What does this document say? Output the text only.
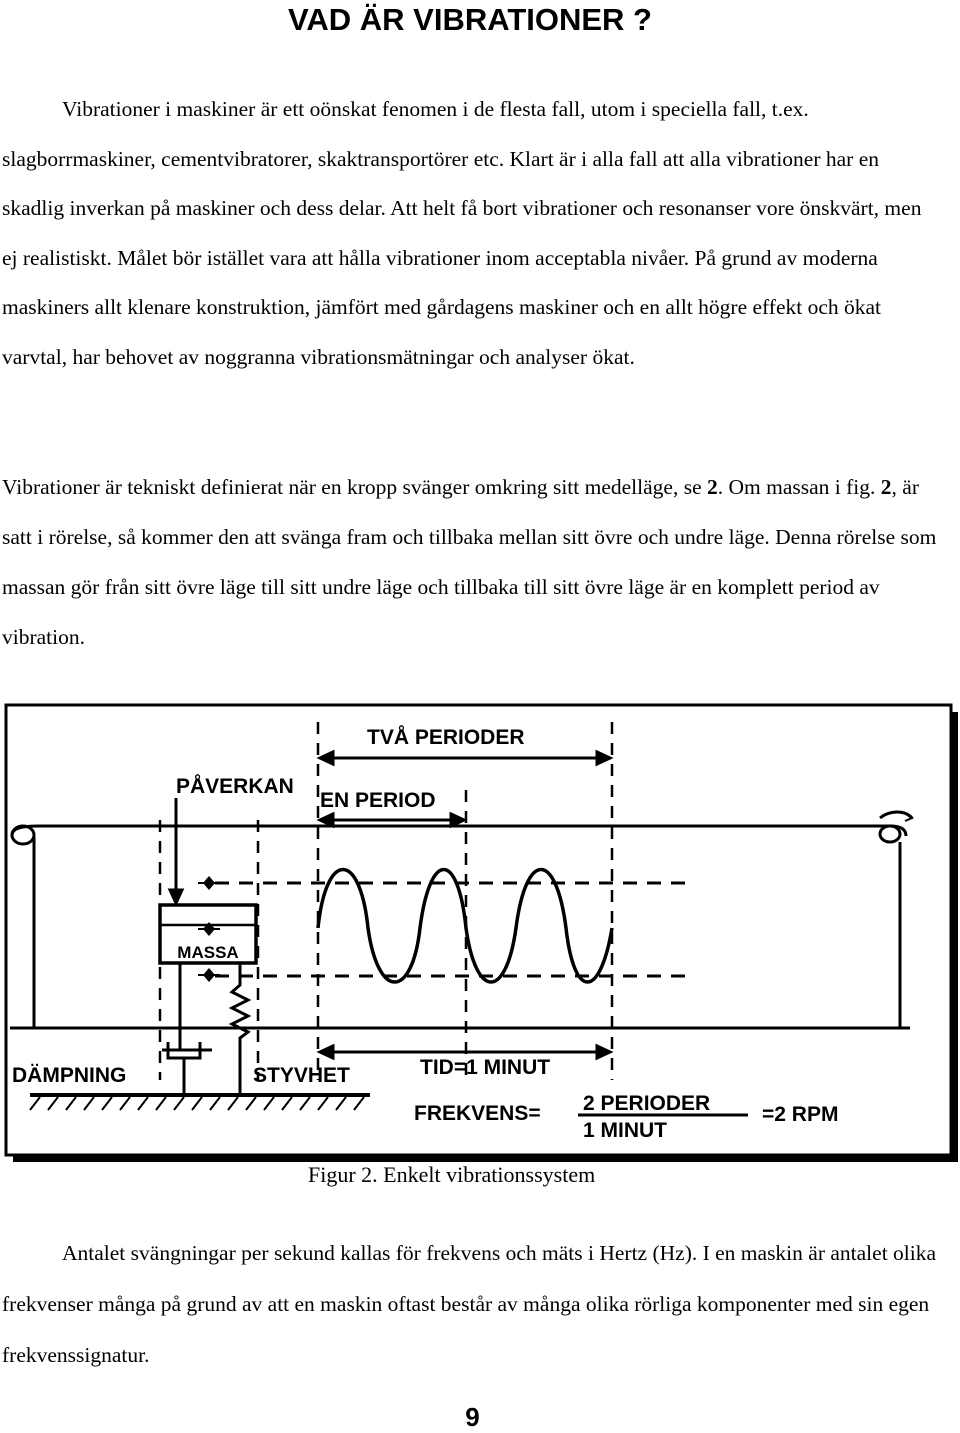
VAD ÄR VIBRATIONER ?

Vibrationer i maskiner är ett oönskat fenomen i de flesta fall, utom i speciella fall, t.ex. slagborrmaskiner, cementvibratorer, skaktransportörer etc. Klart är i alla fall att alla vibrationer har en skadlig inverkan på maskiner och dess delar. Att helt få bort vibrationer och resonanser vore önskvärt, men ej realistiskt. Målet bör istället vara att hålla vibrationer inom acceptabla nivåer. På grund av moderna maskiners allt klenare konstruktion, jämfört med gårdagens maskiner och en allt högre effekt och ökat varvtal, har behovet av noggranna vibrationsmätningar och analyser ökat.

Vibrationer är tekniskt definierat när en kropp svänger omkring sitt medelläge, se 2. Om massan i fig. 2, är satt i rörelse, så kommer den att svänga fram och tillbaka mellan sitt övre och undre läge. Denna rörelse som massan gör från sitt övre läge till sitt undre läge och tillbaka till sitt övre läge är en komplett period av vibration.

MASSA
TVÅ PERIODER
PÅVERKAN
EN PERIOD
DÄMPNING	STYVHET	TID=1 MINUT
FREKVENS= 2 PERIODER
1 MINUT
=2 RPM

Figur 2. Enkelt vibrationssystem

Antalet svängningar per sekund kallas för frekvens och mäts i Hertz (Hz). I en maskin är antalet olika frekvenser många på grund av att en maskin oftast består av många olika rörliga komponenter med sin egen frekvenssignatur.

9
